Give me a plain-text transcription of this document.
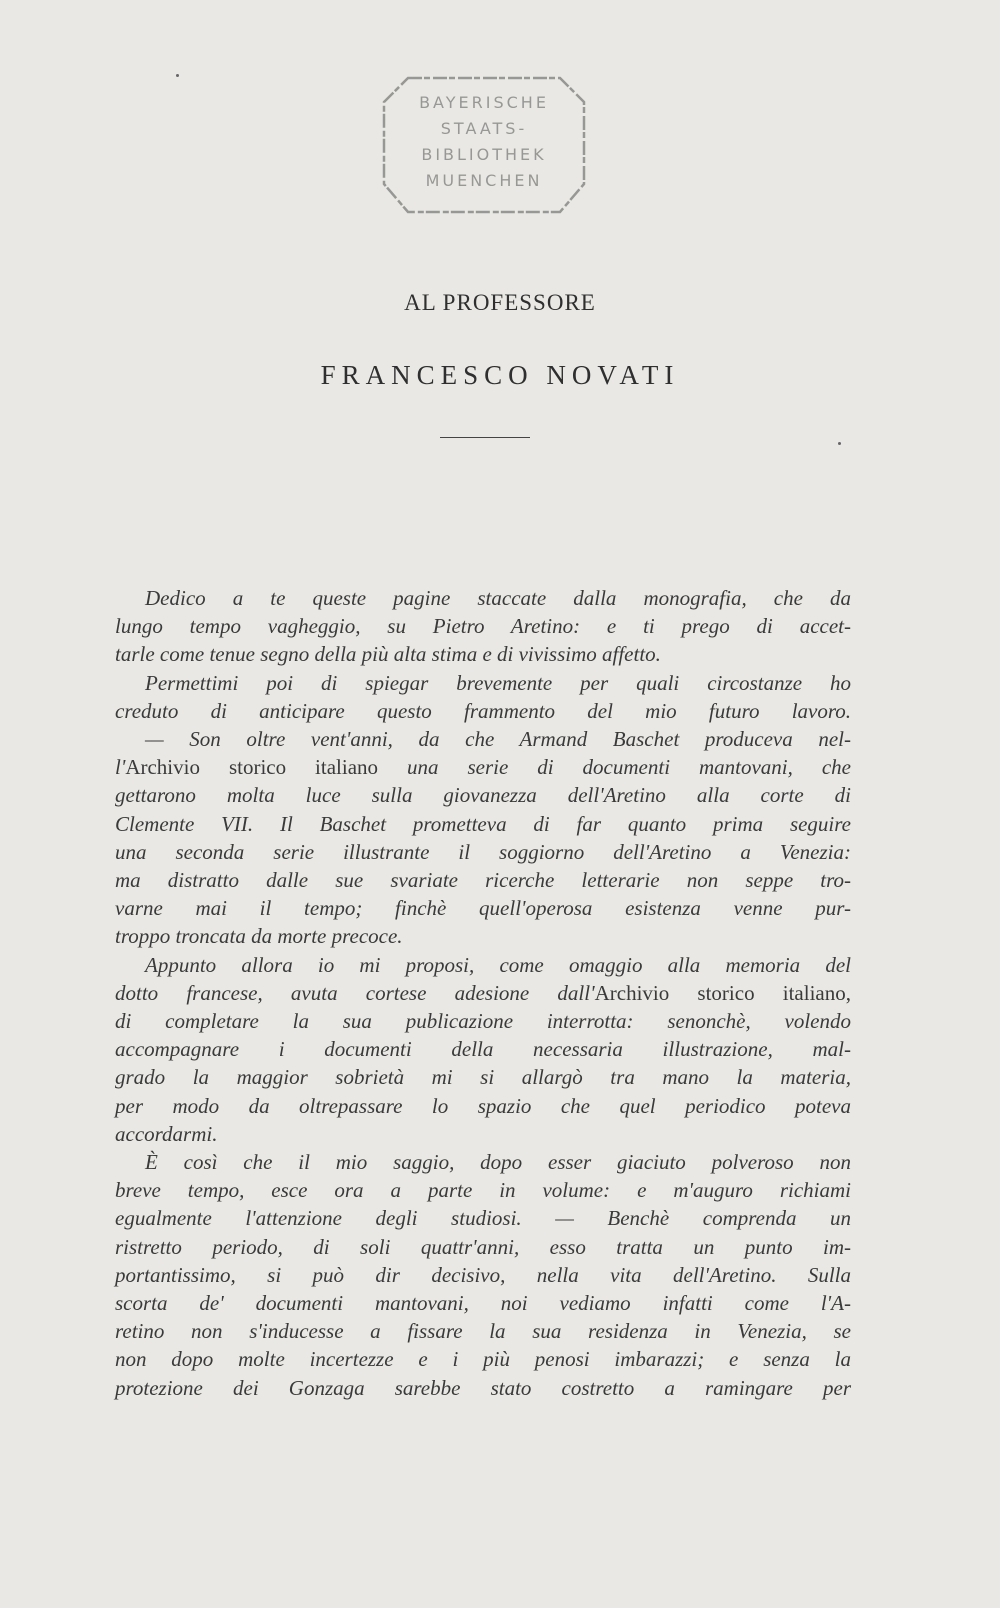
BAYERISCHE
STAATS-
BIBLIOTHEK
MUENCHEN
AL PROFESSORE
FRANCESCO NOVATI

Dedico a te queste pagine staccate dalla monografia, che da
lungo tempo vagheggio, su Pietro Aretino: e ti prego di accet-
tarle come tenue segno della più alta stima e di vivissimo affetto.

Permettimi poi di spiegar brevemente per quali circostanze ho
creduto di anticipare questo frammento del mio futuro lavoro.
— Son oltre vent'anni, da che Armand Baschet produceva nel-
l'Archivio storico italiano una serie di documenti mantovani, che
gettarono molta luce sulla giovanezza dell'Aretino alla corte di
Clemente VII. Il Baschet prometteva di far quanto prima seguire
una seconda serie illustrante il soggiorno dell'Aretino a Venezia:
ma distratto dalle sue svariate ricerche letterarie non seppe tro-
varne mai il tempo; finchè quell'operosa esistenza venne pur-
troppo troncata da morte precoce.

Appunto allora io mi proposi, come omaggio alla memoria del
dotto francese, avuta cortese adesione dall'Archivio storico italiano,
di completare la sua publicazione interrotta: senonchè, volendo
accompagnare i documenti della necessaria illustrazione, mal-
grado la maggior sobrietà mi si allargò tra mano la materia,
per modo da oltrepassare lo spazio che quel periodico poteva
accordarmi.

È così che il mio saggio, dopo esser giaciuto polveroso non
breve tempo, esce ora a parte in volume: e m'auguro richiami
egualmente l'attenzione degli studiosi. — Benchè comprenda un
ristretto periodo, di soli quattr'anni, esso tratta un punto im-
portantissimo, si può dir decisivo, nella vita dell'Aretino. Sulla
scorta de' documenti mantovani, noi vediamo infatti come l'A-
retino non s'inducesse a fissare la sua residenza in Venezia, se
non dopo molte incertezze e i più penosi imbarazzi; e senza la
protezione dei Gonzaga sarebbe stato costretto a ramingare per
